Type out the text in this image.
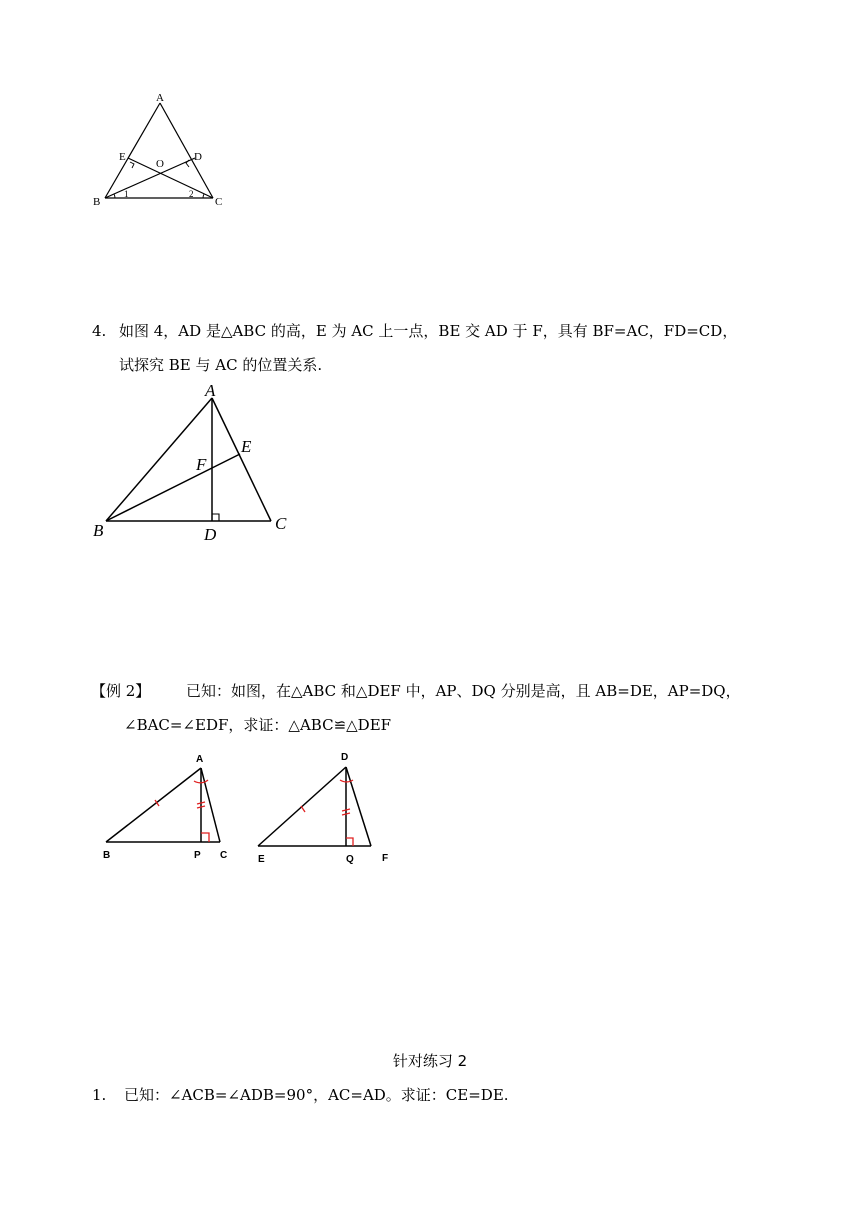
A
E	D
O
B	C
1	2
4. 如图 4，AD 是△ABC 的高，E 为 AC 上一点，BE 交 AD 于 F，具有 BF=AC，FD=CD，
试探究 BE 与 AC 的位置关系.
A
E
F
B	D
C
【例 2】 已知：如图，在△ABC 和△DEF 中，AP、DQ 分别是高，且 AB=DE，AP=DQ，
∠BAC=∠EDF，求证：△ABC≌△DEF
A
B	P C
D
E	Q	F
针对练习 2
1. 已知：∠ACB=∠ADB=90°，AC=AD。求证：CE=DE.
